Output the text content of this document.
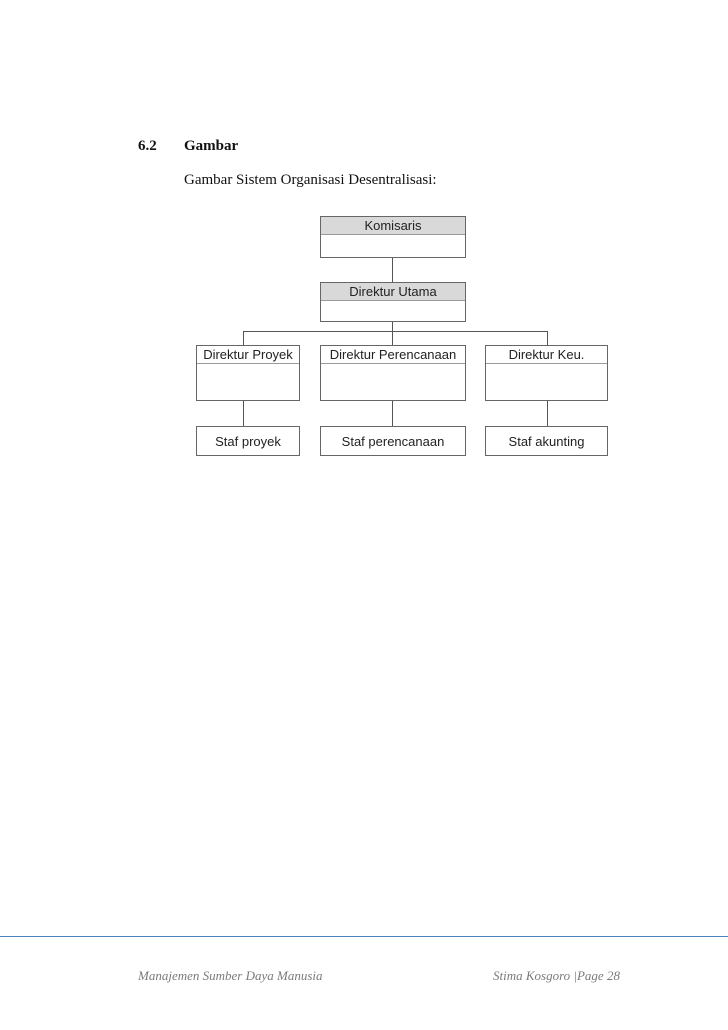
6.2 Gambar
Gambar Sistem Organisasi Desentralisasi:
Komisaris
Direktur Utama
Direktur Proyek	Direktur Perencanaan	Direktur Keu.
Staf proyek	Staf perencanaan	Staf akunting
Manajemen Sumber Daya Manusia	Stima Kosgoro |Page 28
